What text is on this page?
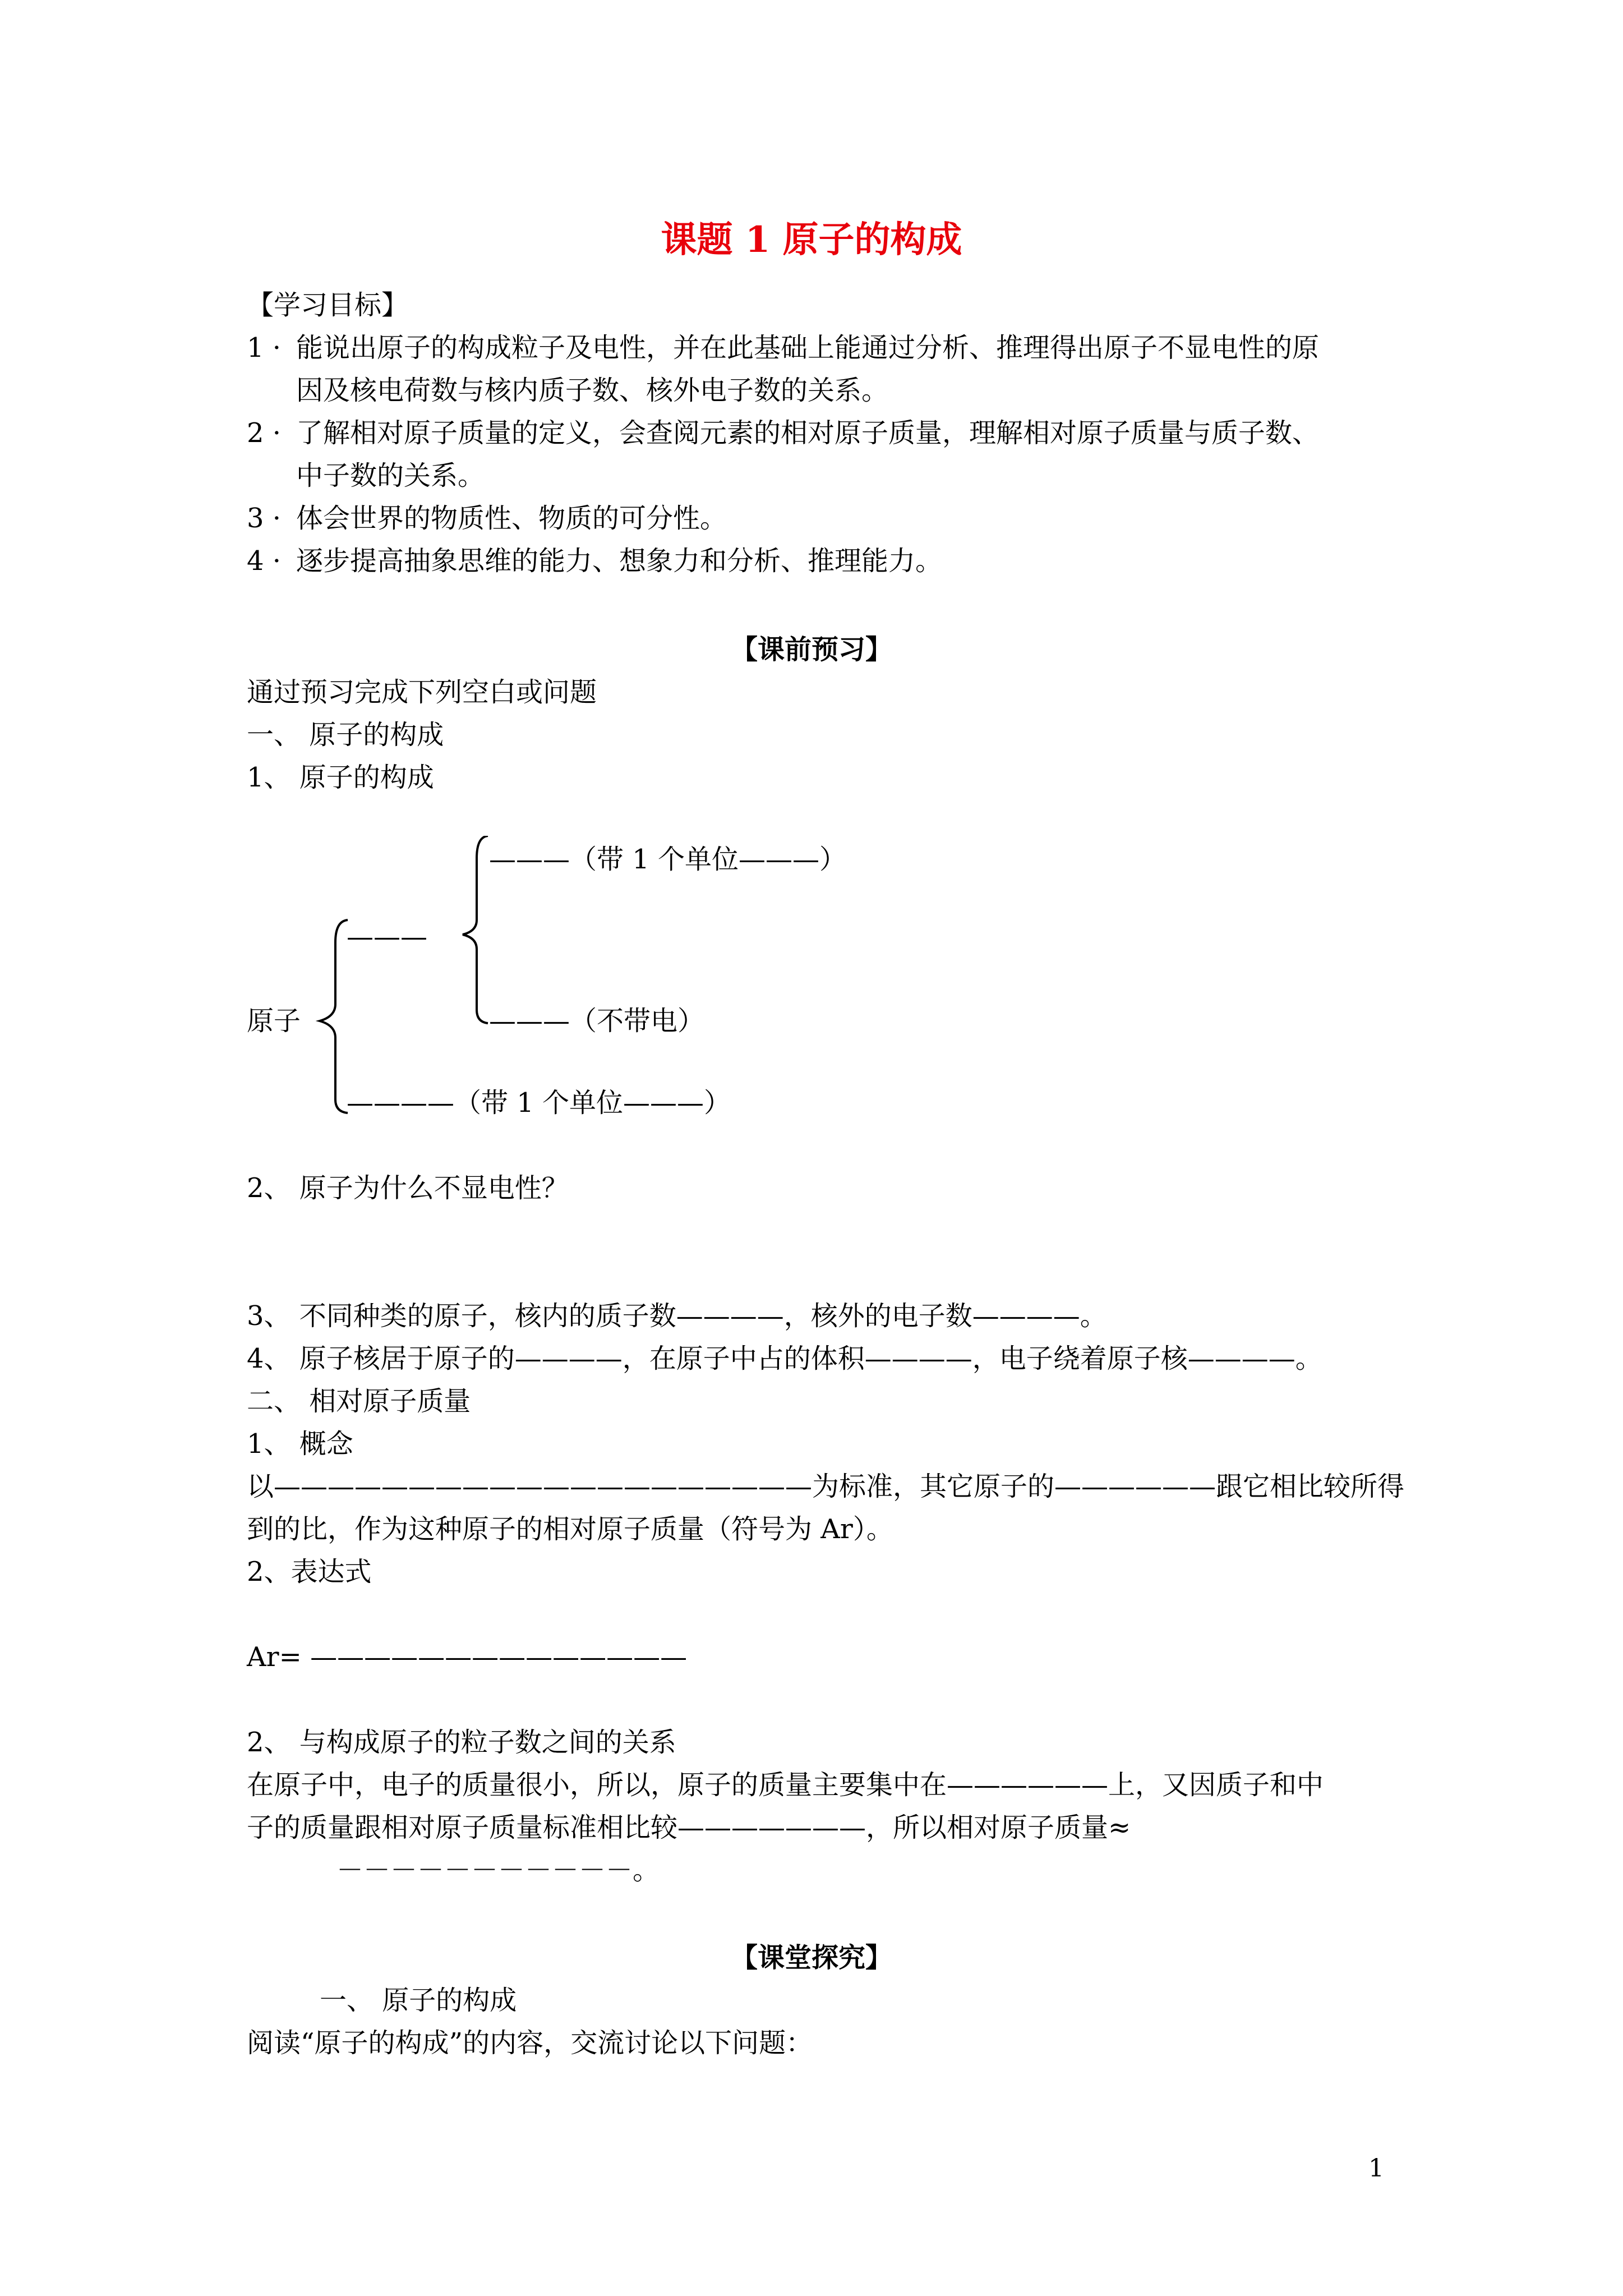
课题 1 原子的构成
【学习目标】
1 · 能说出原子的构成粒子及电性，并在此基础上能通过分析、推理得出原子不显电性的原
因及核电荷数与核内质子数、核外电子数的关系。
2 · 了解相对原子质量的定义，会查阅元素的相对原子质量，理解相对原子质量与质子数、
中子数的关系。
3 · 体会世界的物质性、物质的可分性。
4 · 逐步提高抽象思维的能力、想象力和分析、推理能力。
【课前预习】
通过预习完成下列空白或问题
一、 原子的构成
1、 原子的构成
原子
———
———（带 1 个单位———）
———（不带电）
————（带 1 个单位———）
2、 原子为什么不显电性？
3、 不同种类的原子，核内的质子数————，核外的电子数————。
4、 原子核居于原子的————，在原子中占的体积————，电子绕着原子核————。
二、 相对原子质量
1、 概念
以————————————————————为标准，其它原子的——————跟它相比较所得
到的比，作为这种原子的相对原子质量（符号为 Ar）。
2、表达式
Ar= ——————————————
2、 与构成原子的粒子数之间的关系
在原子中，电子的质量很小，所以，原子的质量主要集中在——————上，又因质子和中
子的质量跟相对原子质量标准相比较———————，所以相对原子质量≈
－－－－－－－－－－－。
【课堂探究】
一、 原子的构成
阅读“原子的构成”的内容，交流讨论以下问题：
1
